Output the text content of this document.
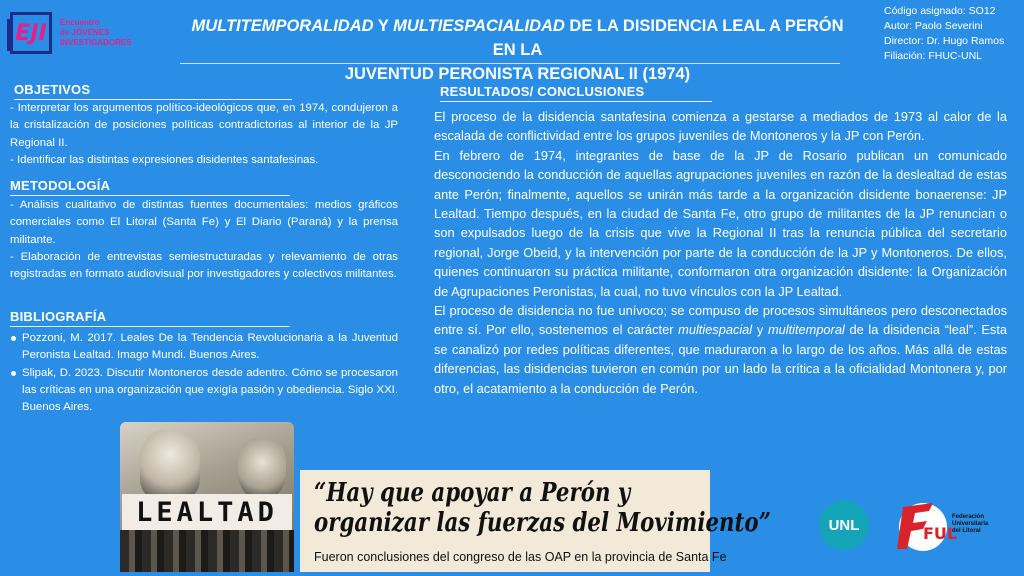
EJI	Encuentro
de JÓVENES
INVESTIGADORES
MULTITEMPORALIDAD Y MULTIESPACIALIDAD DE LA DISIDENCIA LEAL A PERÓN EN LA
JUVENTUD PERONISTA REGIONAL II (1974)
Código asignado: SO12
Autor: Paolo Severini
Director: Dr. Hugo Ramos
Filiación: FHUC-UNL
OBJETIVOS

- Interpretar los argumentos político-ideológicos que, en 1974, condujeron a la cristalización de posiciones políticas contradictorias al interior de la JP Regional II.

- Identificar las distintas expresiones disidentes santafesinas.

METODOLOGÍA

- Análisis cualitativo de distintas fuentes documentales: medios gráficos comerciales como El Litoral (Santa Fe) y El Diario (Paraná) y la prensa militante.

- Elaboración de entrevistas semiestructuradas y relevamiento de otras registradas en formato audiovisual por investigadores y colectivos militantes.

BIBLIOGRAFÍA
Pozzoni, M. 2017. Leales De la Tendencia Revolucionaria a la Juventud Peronista Lealtad. Imago Mundi. Buenos Aires.
Slipak, D. 2023. Discutir Montoneros desde adentro. Cómo se procesaron las críticas en una organización que exigía pasión y obediencia. Siglo XXI. Buenos Aires.
RESULTADOS/ CONCLUSIONES

El proceso de la disidencia santafesina comienza a gestarse a mediados de 1973 al calor de la escalada de conflictividad entre los grupos juveniles de Montoneros y la JP con Perón.

En febrero de 1974, integrantes de base de la JP de Rosario publican un comunicado desconociendo la conducción de aquellas agrupaciones juveniles en razón de la deslealtad de estas ante Perón; finalmente, aquellos se unirán más tarde a la organización disidente bonaerense: JP Lealtad. Tiempo después, en la ciudad de Santa Fe, otro grupo de militantes de la JP renuncian o son expulsados luego de la crisis que vive la Regional II tras la renuncia pública del secretario regional, Jorge Obeid, y la intervención por parte de la conducción de la JP y Montoneros. De ellos, quienes continuaron su práctica militante, conformaron otra organización disidente: la Organización de Agrupaciones Peronistas, la cual, no tuvo vínculos con la JP Lealtad.

El proceso de disidencia no fue unívoco; se compuso de procesos simultáneos pero desconectados entre sí. Por ello, sostenemos el carácter multiespacial y multitemporal de la disidencia “leal”. Esta se canalizó por redes políticas diferentes, que maduraron a lo largo de los años. Más allá de estas diferencias, las disidencias tuvieron en común por un lado la crítica a la oficialidad Montonera y, por otro, el acatamiento a la conducción de Perón.

LEALTAD
“Hay que apoyar a Perón y
organizar las fuerzas del Movimiento”
Fueron conclusiones del congreso de las OAP en la provincia de Santa Fe
UNL	FUL
Federación
Universitaria
del Litoral
